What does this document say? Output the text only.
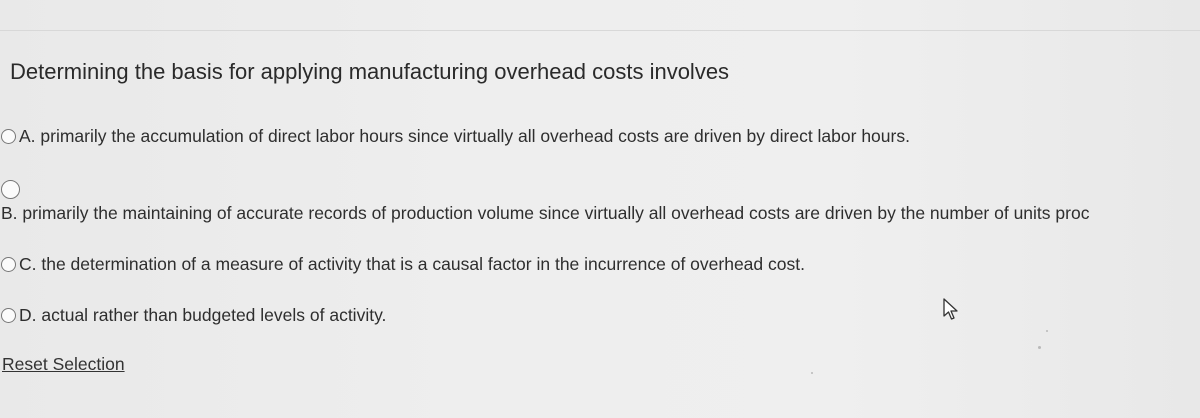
Determining the basis for applying manufacturing overhead costs involves
A. primarily the accumulation of direct labor hours since virtually all overhead costs are driven by direct labor hours.
B. primarily the maintaining of accurate records of production volume since virtually all overhead costs are driven by the number of units proc
C. the determination of a measure of activity that is a causal factor in the incurrence of overhead cost.
D. actual rather than budgeted levels of activity.
Reset Selection
